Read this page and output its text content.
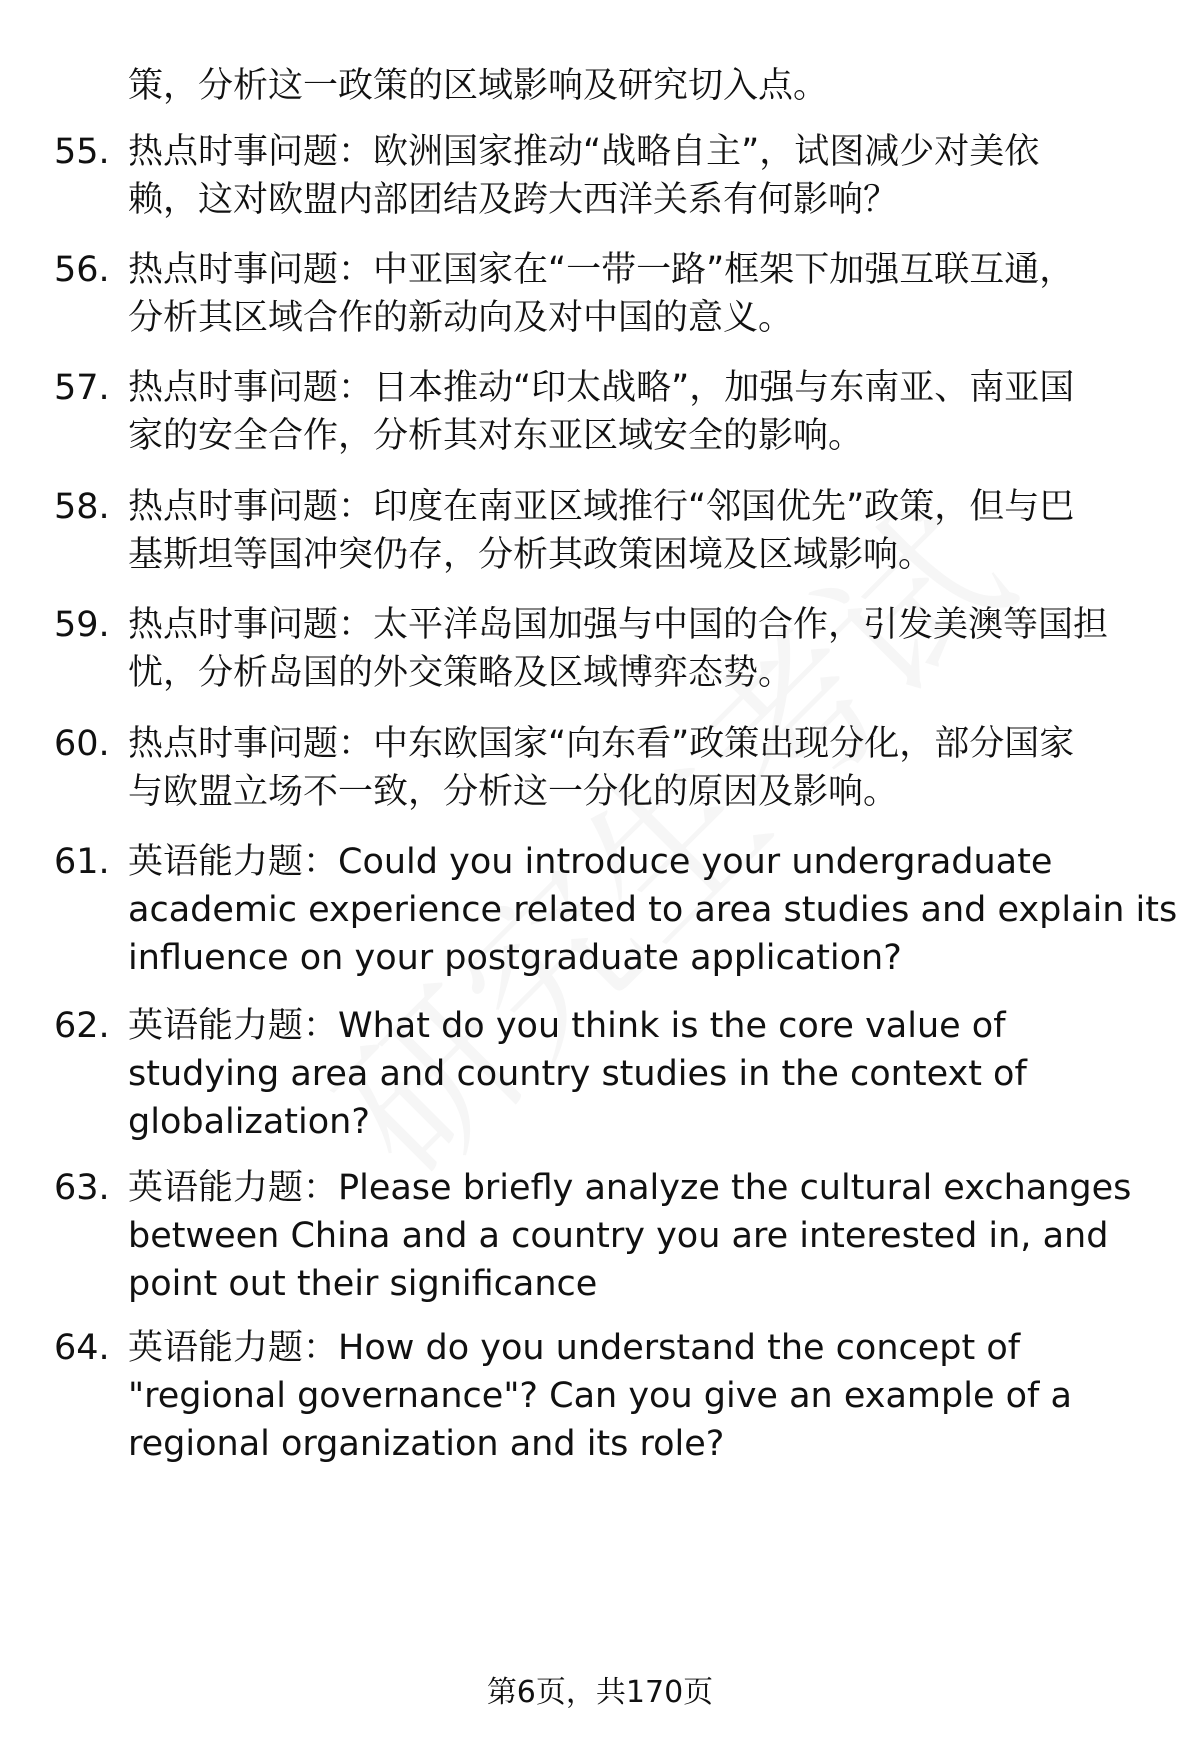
策，分析这一政策的区域影响及研究切入点。
55. 热点时事问题：欧洲国家推动“战略自主”，试图减少对美依
赖，这对欧盟内部团结及跨大西洋关系有何影响？
56. 热点时事问题：中亚国家在“一带一路”框架下加强互联互通，
分析其区域合作的新动向及对中国的意义。
57. 热点时事问题：日本推动“印太战略”，加强与东南亚、南亚国
家的安全合作，分析其对东亚区域安全的影响。
58. 热点时事问题：印度在南亚区域推行“邻国优先”政策，但与巴
基斯坦等国冲突仍存，分析其政策困境及区域影响。
59. 热点时事问题：太平洋岛国加强与中国的合作，引发美澳等国担
忧，分析岛国的外交策略及区域博弈态势。
60. 热点时事问题：中东欧国家“向东看”政策出现分化，部分国家
与欧盟立场不一致，分析这一分化的原因及影响。
61. 英语能力题：Could you introduce your undergraduate
academic experience related to area studies and explain its
influence on your postgraduate application?
62. 英语能力题：What do you think is the core value of
studying area and country studies in the context of
globalization?
63. 英语能力题：Please briefly analyze the cultural exchanges
between China and a country you are interested in, and
point out their significance
64. 英语能力题：How do you understand the concept of
"regional governance"? Can you give an example of a
regional organization and its role?
第6页，共170页
